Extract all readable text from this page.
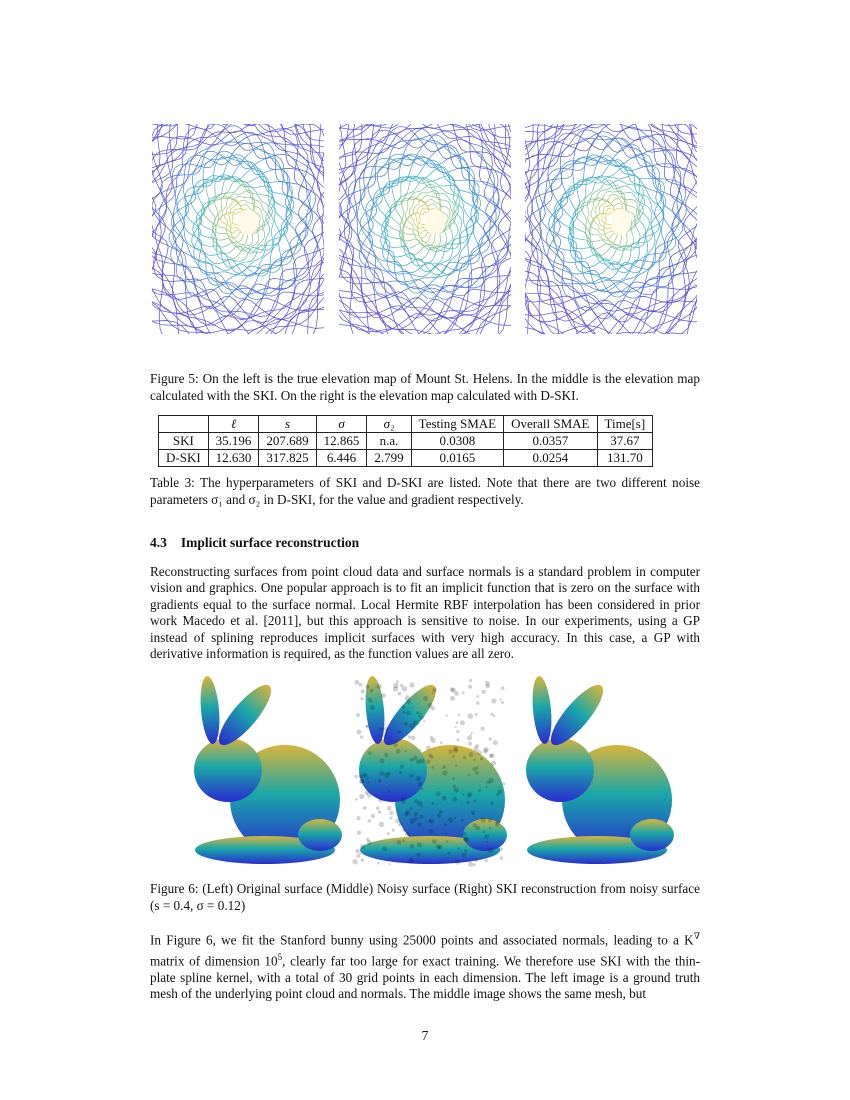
Figure 5: On the left is the true elevation map of Mount St. Helens. In the middle is the elevation map calculated with the SKI. On the right is the elevation map calculated with D-SKI.
	ℓ	s	σ	σ₂	Testing SMAE	Overall SMAE	Time[s]
SKI	35.196	207.689	12.865	n.a.	0.0308	0.0357	37.67
D-SKI	12.630	317.825	6.446	2.799	0.0165	0.0254	131.70
Table 3: The hyperparameters of SKI and D-SKI are listed. Note that there are two different noise parameters σ₁ and σ₂ in D-SKI, for the value and gradient respectively.
4.3 Implicit surface reconstruction
Reconstructing surfaces from point cloud data and surface normals is a standard problem in computer vision and graphics. One popular approach is to fit an implicit function that is zero on the surface with gradients equal to the surface normal. Local Hermite RBF interpolation has been considered in prior work Macedo et al. [2011], but this approach is sensitive to noise. In our experiments, using a GP instead of splining reproduces implicit surfaces with very high accuracy. In this case, a GP with derivative information is required, as the function values are all zero.
Figure 6: (Left) Original surface (Middle) Noisy surface (Right) SKI reconstruction from noisy surface (s = 0.4, σ = 0.12)
In Figure 6, we fit the Stanford bunny using 25000 points and associated normals, leading to a K∇ matrix of dimension $10^5$, clearly far too large for exact training. We therefore use SKI with the thin-plate spline kernel, with a total of 30 grid points in each dimension. The left image is a ground truth mesh of the underlying point cloud and normals. The middle image shows the same mesh, but
7
